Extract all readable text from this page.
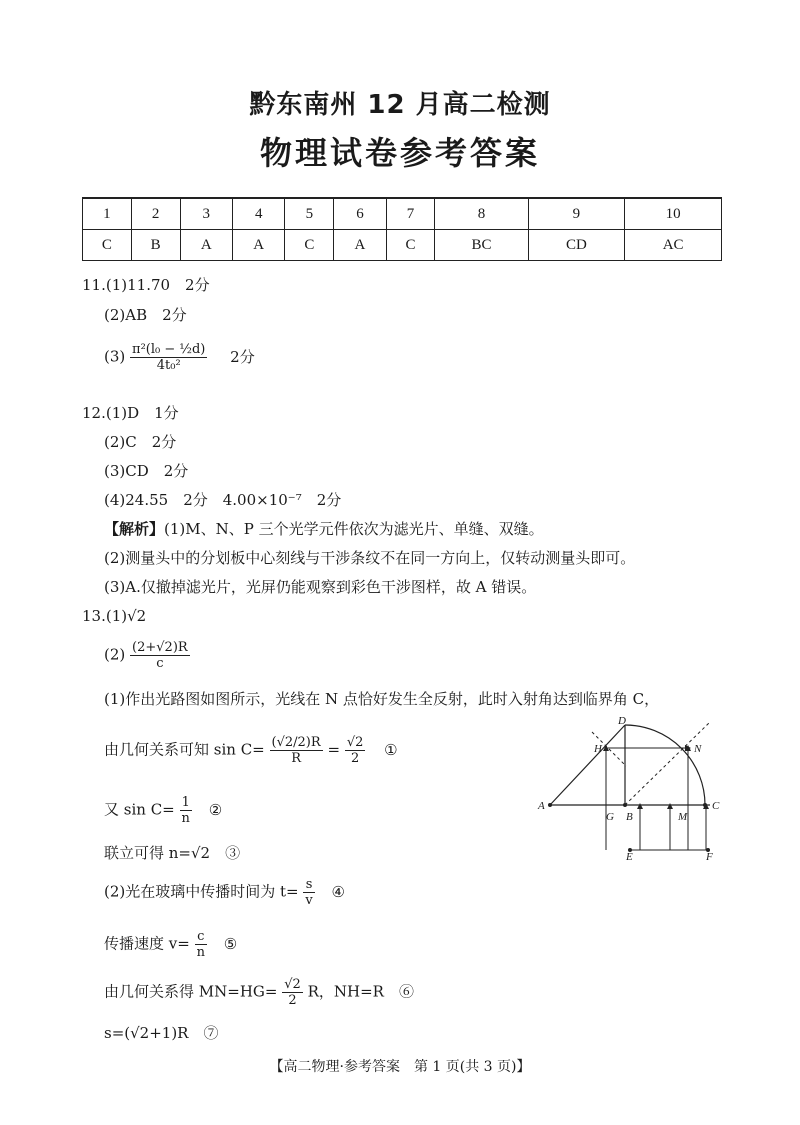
黔东南州 12 月高二检测
物理试卷参考答案
1	2	3	4	5	6	7	8	9	10
C	B	A	A	C	A	C	BC	CD	AC
11.(1)11.70　2分
(2)AB　2分
$(3) \frac{\text{π²(l₀ − ½d)}}{\text{4t₀²}} 2$分
12.(1)D　1分
(2)C　2分
(3)CD　2分
(4)24.55　2分　4.00×10⁻⁷　2分
【解析】(1)M、N、P 三个光学元件依次为滤光片、单缝、双缝。
(2)测量头中的分划板中心刻线与干涉条纹不在同一方向上，仅转动测量头即可。
(3)A.仅撤掉滤光片，光屏仍能观察到彩色干涉图样，故 A 错误。
13.(1)√2
$(2) \frac{(2+√2)R}{c}$
(1)作出光路图如图所示，光线在 N 点恰好发生全反射，此时入射角达到临界角 C，
由几何关系可知 $\sin C= \frac{(√2/2)R}{R} = \frac{√2}{2}$ ①
又 $\sin C= \frac{1}{n}$ ②
联立可得 n=√2　③
(2)光在玻璃中传播时间为 $t= \frac{s}{v}$ ④
传播速度 $v= \frac{c}{n}$ ⑤
由几何关系得 $MN=HG= \frac{√2}{2}$ R，NH=R　⑥
s=(√2+1)R　⑦
A
B
C
D
E	F
G
H
M
N
【高二物理·参考答案　第 1 页(共 3 页)】
